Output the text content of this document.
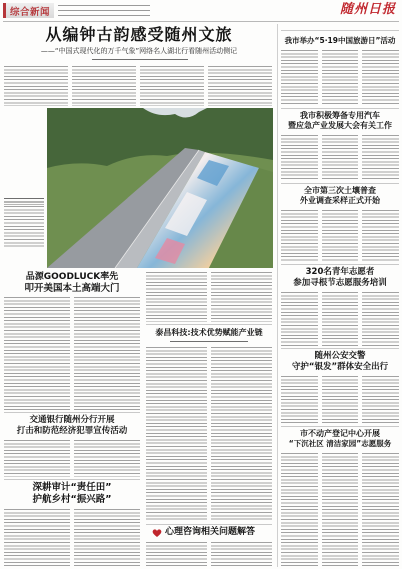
综合新闻	随州日报
从编钟古韵感受随州文旅
——“中国式现代化的万千气象”网络名人湖北行看随州活动侧记
品源GOODLUCK率先
叩开美国本土高端大门
交通银行随州分行开展
打击和防范经济犯罪宣传活动
深耕审计“责任田”
护航乡村“振兴路”
泰昌科技:技术优势赋能产业链
心理咨询相关问题解答
我市举办“5·19中国旅游日”活动
我市积极筹备专用汽车
暨应急产业发展大会有关工作
全市第三次土壤普查
外业调查采样正式开始
320名青年志愿者
参加寻根节志愿服务培训
随州公安交警
守护“银发”群体安全出行
市不动产登记中心开展
“下沉社区 清洁家园”志愿服务
